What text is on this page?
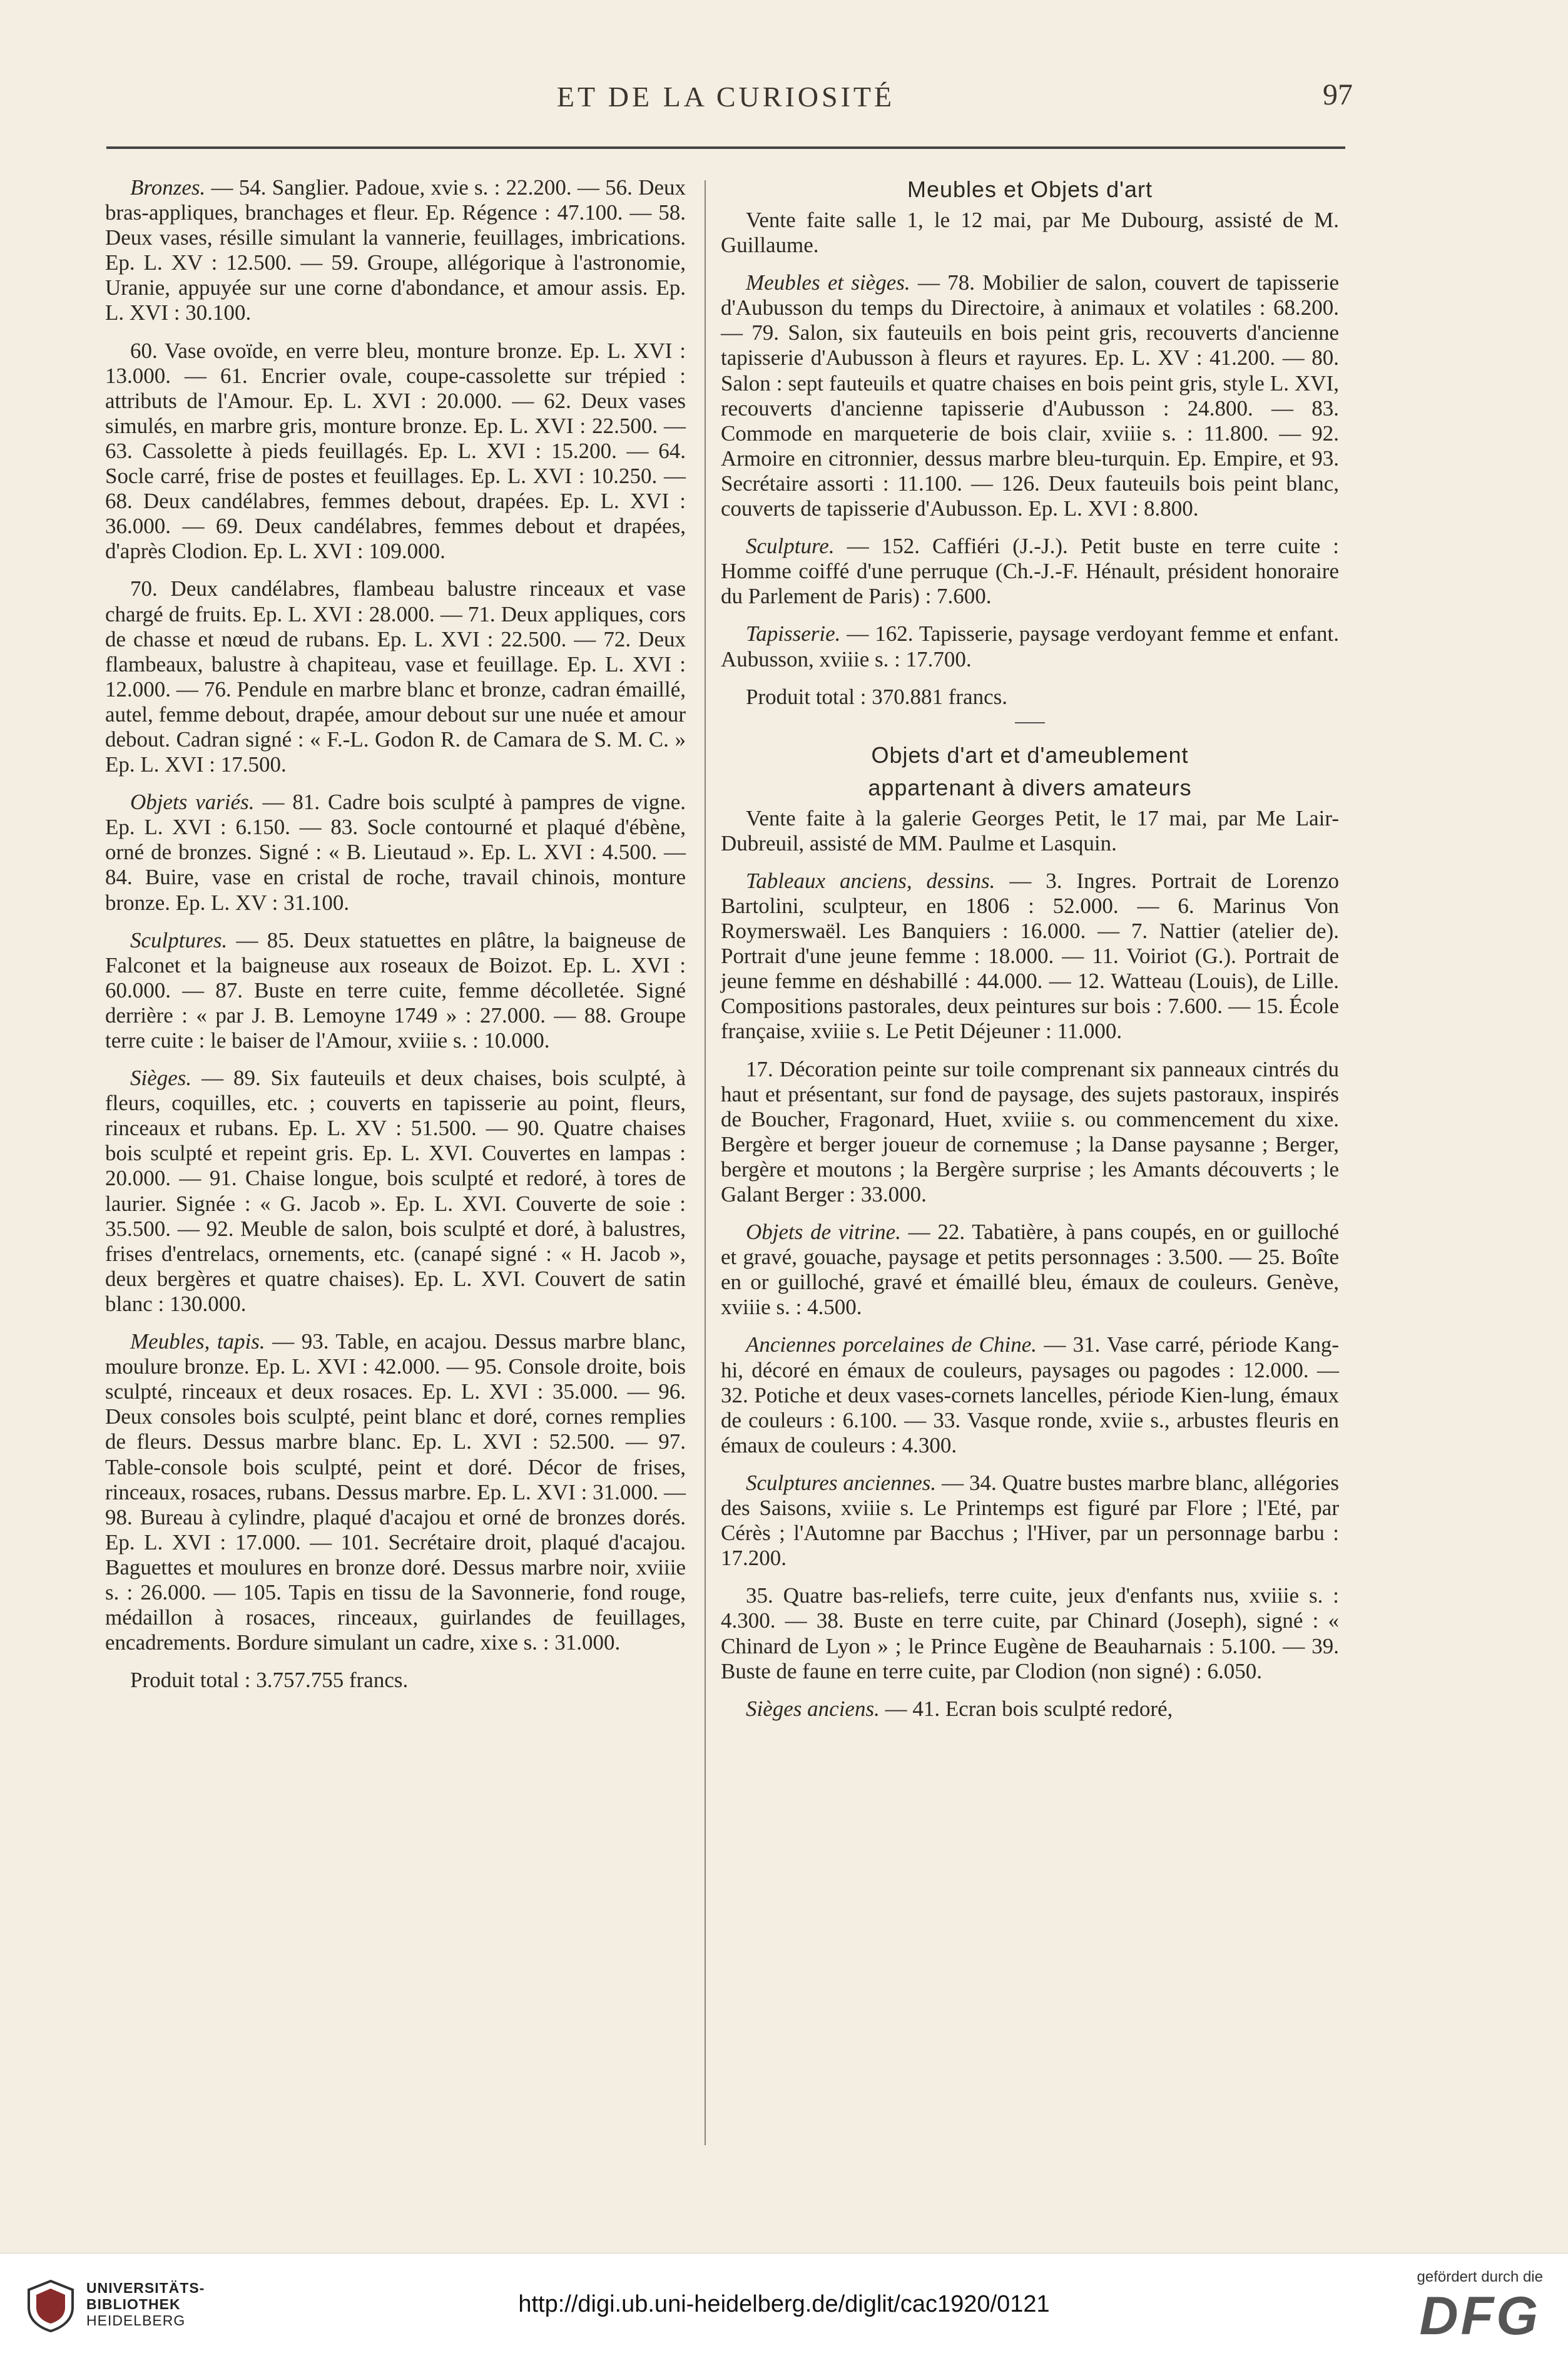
ET DE LA CURIOSITÉ	97

Bronzes. — 54. Sanglier. Padoue, xvie s. : 22.200. — 56. Deux bras-appliques, branchages et fleur. Ep. Régence : 47.100. — 58. Deux vases, résille simulant la vannerie, feuillages, imbrications. Ep. L. XV : 12.500. — 59. Groupe, allégorique à l'astronomie, Uranie, appuyée sur une corne d'abondance, et amour assis. Ep. L. XVI : 30.100.

60. Vase ovoïde, en verre bleu, monture bronze. Ep. L. XVI : 13.000. — 61. Encrier ovale, coupe-cassolette sur trépied : attributs de l'Amour. Ep. L. XVI : 20.000. — 62. Deux vases simulés, en marbre gris, monture bronze. Ep. L. XVI : 22.500. — 63. Cassolette à pieds feuillagés. Ep. L. XVI : 15.200. — 64. Socle carré, frise de postes et feuillages. Ep. L. XVI : 10.250. — 68. Deux candélabres, femmes debout, drapées. Ep. L. XVI : 36.000. — 69. Deux candélabres, femmes debout et drapées, d'après Clodion. Ep. L. XVI : 109.000.

70. Deux candélabres, flambeau balustre rinceaux et vase chargé de fruits. Ep. L. XVI : 28.000. — 71. Deux appliques, cors de chasse et nœud de rubans. Ep. L. XVI : 22.500. — 72. Deux flambeaux, balustre à chapiteau, vase et feuillage. Ep. L. XVI : 12.000. — 76. Pendule en marbre blanc et bronze, cadran émaillé, autel, femme debout, drapée, amour debout sur une nuée et amour debout. Cadran signé : « F.-L. Godon R. de Camara de S. M. C. » Ep. L. XVI : 17.500.

Objets variés. — 81. Cadre bois sculpté à pampres de vigne. Ep. L. XVI : 6.150. — 83. Socle contourné et plaqué d'ébène, orné de bronzes. Signé : « B. Lieutaud ». Ep. L. XVI : 4.500. — 84. Buire, vase en cristal de roche, travail chinois, monture bronze. Ep. L. XV : 31.100.

Sculptures. — 85. Deux statuettes en plâtre, la baigneuse de Falconet et la baigneuse aux roseaux de Boizot. Ep. L. XVI : 60.000. — 87. Buste en terre cuite, femme décolletée. Signé derrière : « par J. B. Lemoyne 1749 » : 27.000. — 88. Groupe terre cuite : le baiser de l'Amour, xviiie s. : 10.000.

Sièges. — 89. Six fauteuils et deux chaises, bois sculpté, à fleurs, coquilles, etc. ; couverts en tapisserie au point, fleurs, rinceaux et rubans. Ep. L. XV : 51.500. — 90. Quatre chaises bois sculpté et repeint gris. Ep. L. XVI. Couvertes en lampas : 20.000. — 91. Chaise longue, bois sculpté et redoré, à tores de laurier. Signée : « G. Jacob ». Ep. L. XVI. Couverte de soie : 35.500. — 92. Meuble de salon, bois sculpté et doré, à balustres, frises d'entrelacs, ornements, etc. (canapé signé : « H. Jacob », deux bergères et quatre chaises). Ep. L. XVI. Couvert de satin blanc : 130.000.

Meubles, tapis. — 93. Table, en acajou. Dessus marbre blanc, moulure bronze. Ep. L. XVI : 42.000. — 95. Console droite, bois sculpté, rinceaux et deux rosaces. Ep. L. XVI : 35.000. — 96. Deux consoles bois sculpté, peint blanc et doré, cornes remplies de fleurs. Dessus marbre blanc. Ep. L. XVI : 52.500. — 97. Table-console bois sculpté, peint et doré. Décor de frises, rinceaux, rosaces, rubans. Dessus marbre. Ep. L. XVI : 31.000. — 98. Bureau à cylindre, plaqué d'acajou et orné de bronzes dorés. Ep. L. XVI : 17.000. — 101. Secrétaire droit, plaqué d'acajou. Baguettes et moulures en bronze doré. Dessus marbre noir, xviiie s. : 26.000. — 105. Tapis en tissu de la Savonnerie, fond rouge, médaillon à rosaces, rinceaux, guirlandes de feuillages, encadrements. Bordure simulant un cadre, xixe s. : 31.000.

Produit total : 3.757.755 francs.

Meubles et Objets d'art

Vente faite salle 1, le 12 mai, par Me Dubourg, assisté de M. Guillaume.

Meubles et sièges. — 78. Mobilier de salon, couvert de tapisserie d'Aubusson du temps du Directoire, à animaux et volatiles : 68.200. — 79. Salon, six fauteuils en bois peint gris, recouverts d'ancienne tapisserie d'Aubusson à fleurs et rayures. Ep. L. XV : 41.200. — 80. Salon : sept fauteuils et quatre chaises en bois peint gris, style L. XVI, recouverts d'ancienne tapisserie d'Aubusson : 24.800. — 83. Commode en marqueterie de bois clair, xviiie s. : 11.800. — 92. Armoire en citronnier, dessus marbre bleu-turquin. Ep. Empire, et 93. Secrétaire assorti : 11.100. — 126. Deux fauteuils bois peint blanc, couverts de tapisserie d'Aubusson. Ep. L. XVI : 8.800.

Sculpture. — 152. Caffiéri (J.-J.). Petit buste en terre cuite : Homme coiffé d'une perruque (Ch.-J.-F. Hénault, président honoraire du Parlement de Paris) : 7.600.

Tapisserie. — 162. Tapisserie, paysage verdoyant femme et enfant. Aubusson, xviiie s. : 17.700.

Produit total : 370.881 francs.

Objets d'art et d'ameublement
appartenant à divers amateurs

Vente faite à la galerie Georges Petit, le 17 mai, par Me Lair-Dubreuil, assisté de MM. Paulme et Lasquin.

Tableaux anciens, dessins. — 3. Ingres. Portrait de Lorenzo Bartolini, sculpteur, en 1806 : 52.000. — 6. Marinus Von Roymerswaël. Les Banquiers : 16.000. — 7. Nattier (atelier de). Portrait d'une jeune femme : 18.000. — 11. Voiriot (G.). Portrait de jeune femme en déshabillé : 44.000. — 12. Watteau (Louis), de Lille. Compositions pastorales, deux peintures sur bois : 7.600. — 15. École française, xviiie s. Le Petit Déjeuner : 11.000.

17. Décoration peinte sur toile comprenant six panneaux cintrés du haut et présentant, sur fond de paysage, des sujets pastoraux, inspirés de Boucher, Fragonard, Huet, xviiie s. ou commencement du xixe. Bergère et berger joueur de cornemuse ; la Danse paysanne ; Berger, bergère et moutons ; la Bergère surprise ; les Amants découverts ; le Galant Berger : 33.000.

Objets de vitrine. — 22. Tabatière, à pans coupés, en or guilloché et gravé, gouache, paysage et petits personnages : 3.500. — 25. Boîte en or guilloché, gravé et émaillé bleu, émaux de couleurs. Genève, xviiie s. : 4.500.

Anciennes porcelaines de Chine. — 31. Vase carré, période Kang-hi, décoré en émaux de couleurs, paysages ou pagodes : 12.000. — 32. Potiche et deux vases-cornets lancelles, période Kien-lung, émaux de couleurs : 6.100. — 33. Vasque ronde, xviie s., arbustes fleuris en émaux de couleurs : 4.300.

Sculptures anciennes. — 34. Quatre bustes marbre blanc, allégories des Saisons, xviiie s. Le Printemps est figuré par Flore ; l'Eté, par Cérès ; l'Automne par Bacchus ; l'Hiver, par un personnage barbu : 17.200.

35. Quatre bas-reliefs, terre cuite, jeux d'enfants nus, xviiie s. : 4.300. — 38. Buste en terre cuite, par Chinard (Joseph), signé : « Chinard de Lyon » ; le Prince Eugène de Beauharnais : 5.100. — 39. Buste de faune en terre cuite, par Clodion (non signé) : 6.050.

Sièges anciens. — 41. Ecran bois sculpté redoré,

UNIVERSITÄTS-
BIBLIOTHEK
HEIDELBERG
http://digi.ub.uni-heidelberg.de/diglit/cac1920/0121
gefördert durch die
DFG
